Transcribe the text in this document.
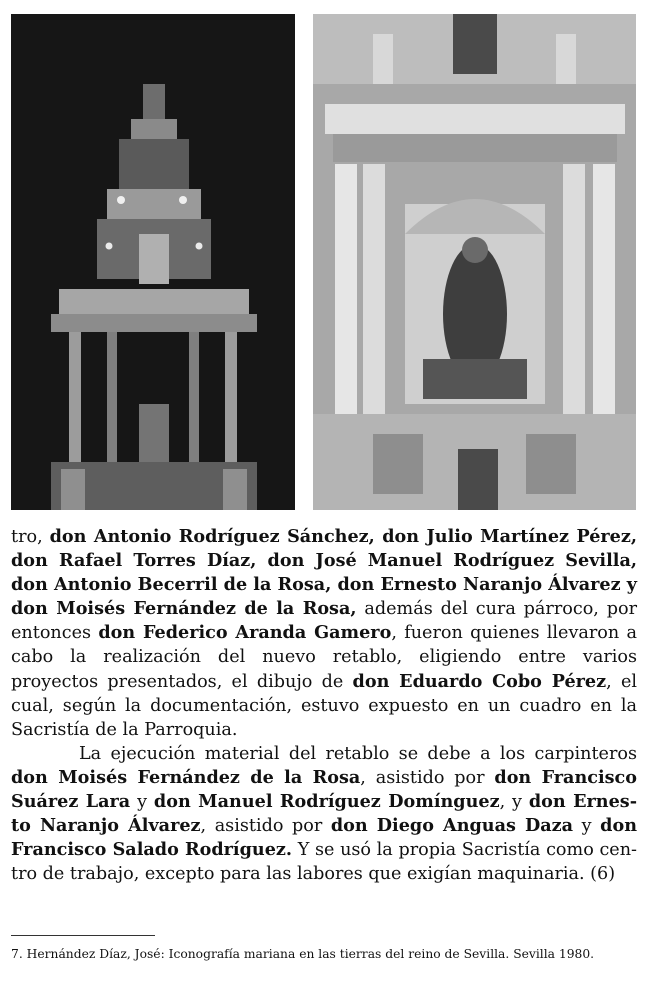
tro, don Antonio Rodríguez Sánchez, don Julio Martínez Pérez, don Rafael Torres Díaz, don José Manuel Rodríguez Sevilla, don Antonio Becerril de la Rosa, don Ernesto Naranjo Álvarez y don Moisés Fernández de la Rosa, además del cura párroco, por entonces don Federico Aranda Gamero, fueron quienes llevaron a cabo la realización del nuevo retablo, eligiendo entre varios proyectos presentados, el dibujo de don Eduardo Cobo Pérez, el cual, según la documentación, estuvo expuesto en un cuadro en la Sacristía de la Parroquia.

La ejecución material del retablo se debe a los carpinteros don Moisés Fernández de la Rosa, asistido por don Francisco Suárez Lara y don Manuel Rodríguez Domínguez, y don Ernesto Naranjo Álvarez, asistido por don Diego Anguas Daza y don Francisco Salado Rodríguez. Y se usó la propia Sacristía como centro de trabajo, excepto para las labores que exigían maquinaria. (6)

7. Hernández Díaz, José: Iconografía mariana en las tierras del reino de Sevilla. Sevilla 1980.
